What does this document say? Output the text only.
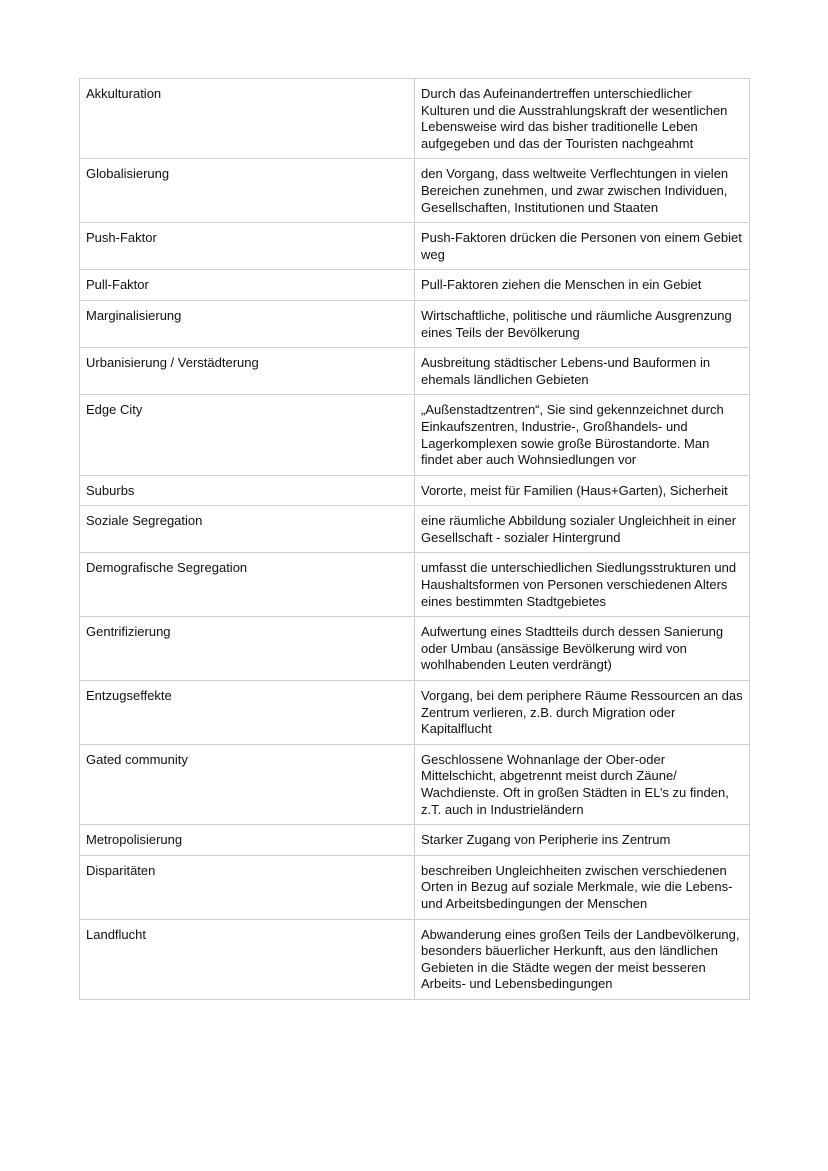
Akkulturation	Durch das Aufeinandertreffen unterschiedlicher Kulturen und die Ausstrahlungskraft der wesentlichen Lebensweise wird das bisher traditionelle Leben aufgegeben und das der Touristen nachgeahmt
Globalisierung	den Vorgang, dass weltweite Verflechtungen in vielen Bereichen zunehmen, und zwar zwischen Individuen, Gesellschaften, Institutionen und Staaten
Push-Faktor	Push-Faktoren drücken die Personen von einem Gebiet weg
Pull-Faktor	Pull-Faktoren ziehen die Menschen in ein Gebiet
Marginalisierung	Wirtschaftliche, politische und räumliche Ausgrenzung eines Teils der Bevölkerung
Urbanisierung / Verstädterung	Ausbreitung städtischer Lebens-und Bauformen in ehemals ländlichen Gebieten
Edge City	„Außenstadtzentren“, Sie sind gekennzeichnet durch Einkaufszentren, Industrie-, Großhandels- und Lagerkomplexen sowie große Bürostandorte. Man findet aber auch Wohnsiedlungen vor
Suburbs	Vororte, meist für Familien (Haus+Garten), Sicherheit
Soziale Segregation	eine räumliche Abbildung sozialer Ungleichheit in einer Gesellschaft - sozialer Hintergrund
Demografische Segregation	umfasst die unterschiedlichen Siedlungsstrukturen und Haushaltsformen von Personen verschiedenen Alters eines bestimmten Stadtgebietes
Gentrifizierung	Aufwertung eines Stadtteils durch dessen Sanierung oder Umbau (ansässige Bevölkerung wird von wohlhabenden Leuten verdrängt)
Entzugseffekte	Vorgang, bei dem periphere Räume Ressourcen an das Zentrum verlieren, z.B. durch Migration oder Kapitalflucht
Gated community	Geschlossene Wohnanlage der Ober-oder Mittelschicht, abgetrennt meist durch Zäune/ Wachdienste. Oft in großen Städten in EL’s zu finden, z.T. auch in Industrieländern
Metropolisierung	Starker Zugang von Peripherie ins Zentrum
Disparitäten	beschreiben Ungleichheiten zwischen verschiedenen Orten in Bezug auf soziale Merkmale, wie die Lebens- und Arbeitsbedingungen der Menschen
Landflucht	Abwanderung eines großen Teils der Landbevölkerung, besonders bäuerlicher Herkunft, aus den ländlichen Gebieten in die Städte wegen der meist besseren Arbeits- und Lebensbedingungen
